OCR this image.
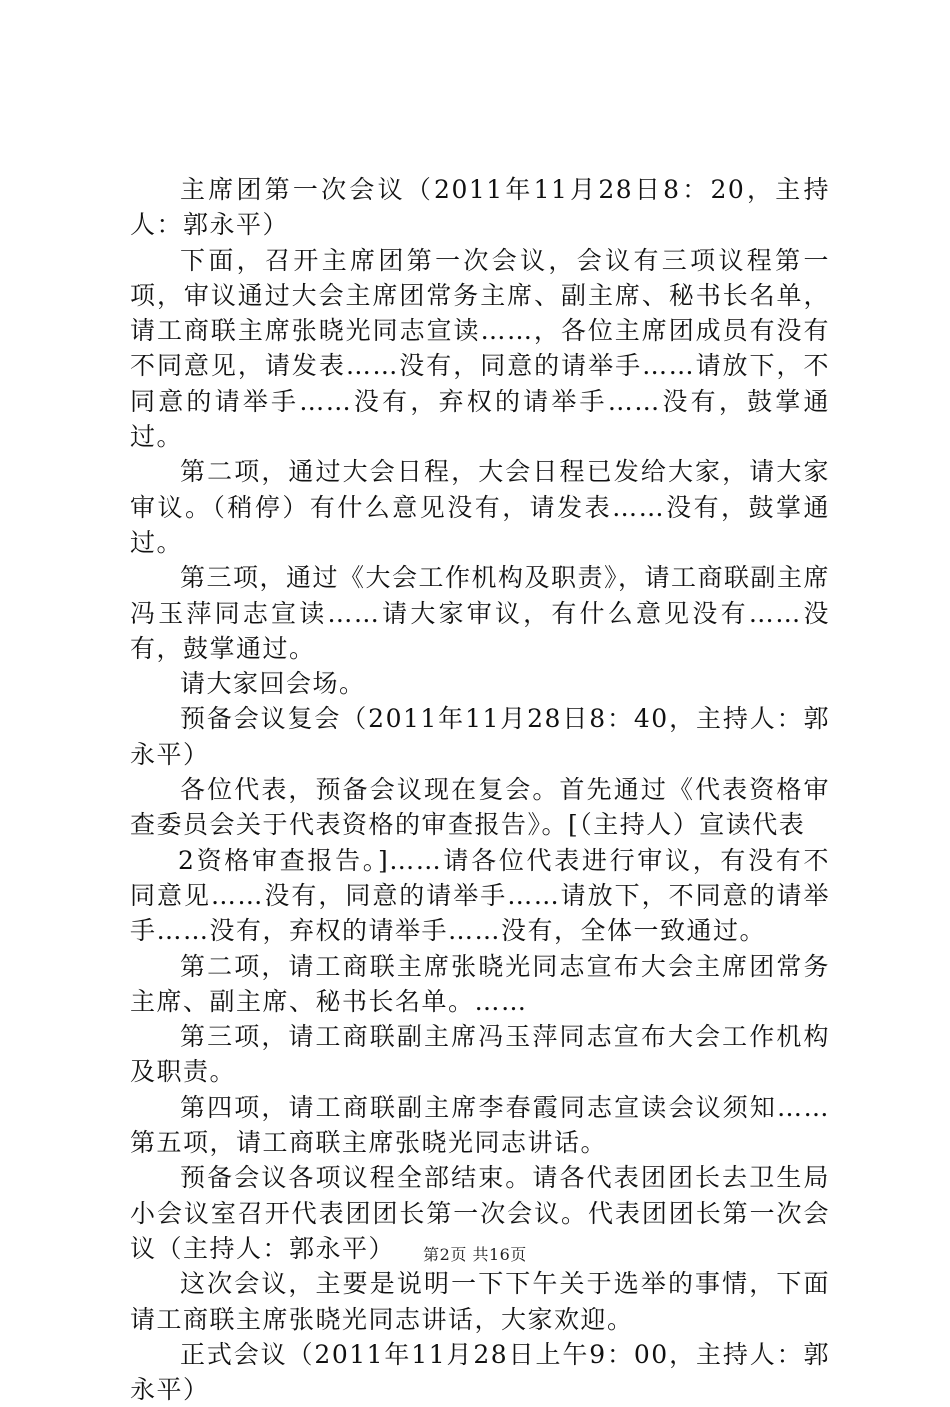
主席团第一次会议（2011年11月28日8：20，主持人：郭永平）

下面，召开主席团第一次会议，会议有三项议程第一项，审议通过大会主席团常务主席、副主席、秘书长名单，请工商联主席张晓光同志宣读……，各位主席团成员有没有不同意见，请发表……没有，同意的请举手……请放下，不同意的请举手……没有，弃权的请举手……没有，鼓掌通过。

第二项，通过大会日程，大会日程已发给大家，请大家审议。（稍停）有什么意见没有，请发表……没有，鼓掌通过。

第三项，通过《大会工作机构及职责》，请工商联副主席冯玉萍同志宣读……请大家审议，有什么意见没有……没有，鼓掌通过。

请大家回会场。

预备会议复会（2011年11月28日8：40，主持人：郭永平）

各位代表，预备会议现在复会。首先通过《代表资格审查委员会关于代表资格的审查报告》。[（主持人）宣读代表

2资格审查报告。]……请各位代表进行审议，有没有不同意见……没有，同意的请举手……请放下，不同意的请举手……没有，弃权的请举手……没有，全体一致通过。

第二项，请工商联主席张晓光同志宣布大会主席团常务主席、副主席、秘书长名单。……

第三项，请工商联副主席冯玉萍同志宣布大会工作机构及职责。

第四项，请工商联副主席李春霞同志宣读会议须知……第五项，请工商联主席张晓光同志讲话。

预备会议各项议程全部结束。请各代表团团长去卫生局小会议室召开代表团团长第一次会议。代表团团长第一次会议（主持人：郭永平）

这次会议，主要是说明一下下午关于选举的事情，下面请工商联主席张晓光同志讲话，大家欢迎。

正式会议（2011年11月28日上午9：00，主持人：郭永平）

第2页 共16页
